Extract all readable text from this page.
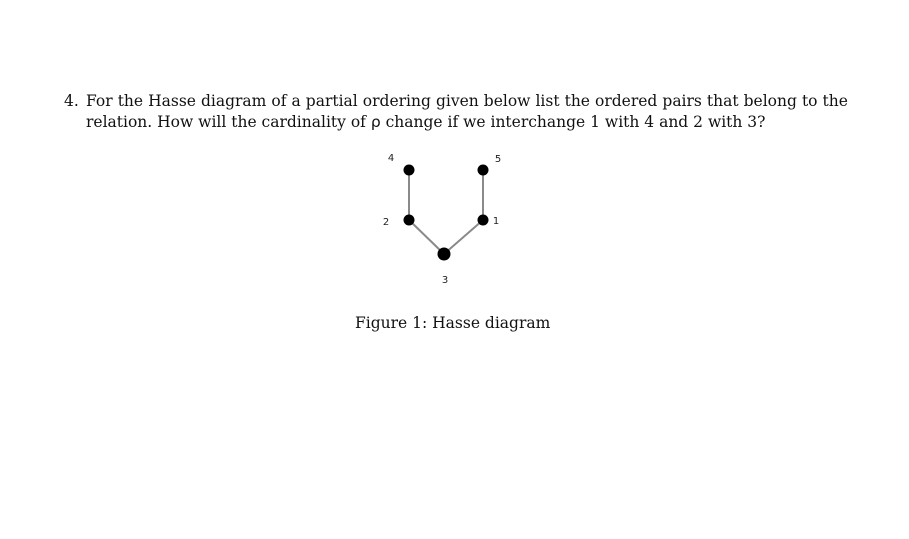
4. For the Hasse diagram of a partial ordering given below list the ordered pairs that belong to the
relation. How will the cardinality of ρ change if we interchange 1 with 4 and 2 with 3?
4	5
2	1
3
Figure 1: Hasse diagram
